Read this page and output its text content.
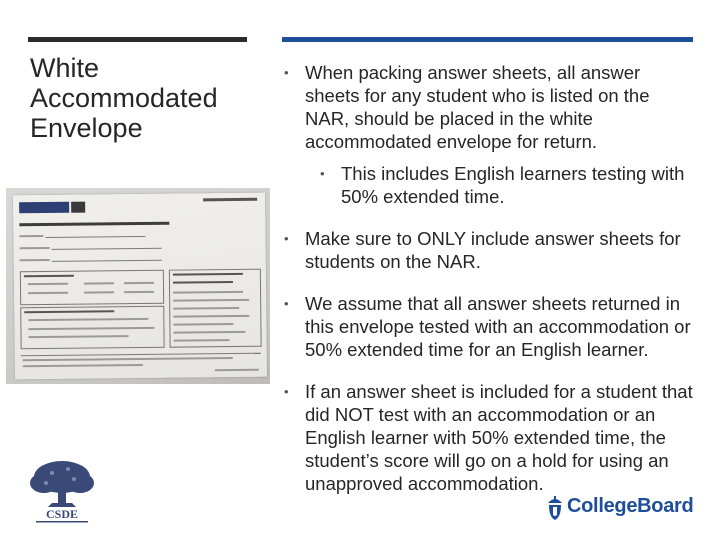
White Accommodated Envelope
• When packing answer sheets, all answer sheets for any student who is listed on the NAR, should be placed in the white accommodated envelope for return.
• This includes English learners testing with 50% extended time.
• Make sure to ONLY include answer sheets for students on the NAR.
• We assume that all answer sheets returned in this envelope tested with an accommodation or 50% extended time for an English learner.
• If an answer sheet is included for a student that did NOT test with an accommodation or an English learner with 50% extended time, the student’s score will go on a hold for using an unapproved accommodation.
CSDE	CollegeBoard
